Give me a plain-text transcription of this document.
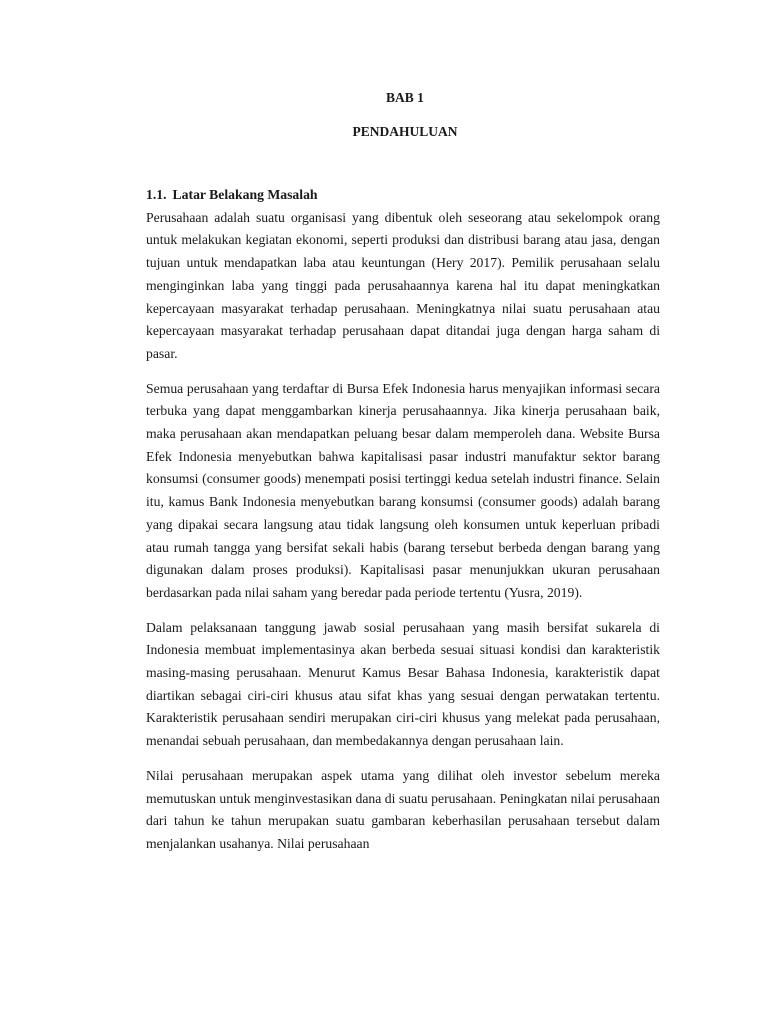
BAB 1
PENDAHULUAN

1.1. Latar Belakang Masalah

Perusahaan adalah suatu organisasi yang dibentuk oleh seseorang atau sekelompok orang untuk melakukan kegiatan ekonomi, seperti produksi dan distribusi barang atau jasa, dengan tujuan untuk mendapatkan laba atau keuntungan (Hery 2017). Pemilik perusahaan selalu menginginkan laba yang tinggi pada perusahaannya karena hal itu dapat meningkatkan kepercayaan masyarakat terhadap perusahaan. Meningkatnya nilai suatu perusahaan atau kepercayaan masyarakat terhadap perusahaan dapat ditandai juga dengan harga saham di pasar.

Semua perusahaan yang terdaftar di Bursa Efek Indonesia harus menyajikan informasi secara terbuka yang dapat menggambarkan kinerja perusahaannya. Jika kinerja perusahaan baik, maka perusahaan akan mendapatkan peluang besar dalam memperoleh dana. Website Bursa Efek Indonesia menyebutkan bahwa kapitalisasi pasar industri manufaktur sektor barang konsumsi (consumer goods) menempati posisi tertinggi kedua setelah industri finance. Selain itu, kamus Bank Indonesia menyebutkan barang konsumsi (consumer goods) adalah barang yang dipakai secara langsung atau tidak langsung oleh konsumen untuk keperluan pribadi atau rumah tangga yang bersifat sekali habis (barang tersebut berbeda dengan barang yang digunakan dalam proses produksi). Kapitalisasi pasar menunjukkan ukuran perusahaan berdasarkan pada nilai saham yang beredar pada periode tertentu (Yusra, 2019).

Dalam pelaksanaan tanggung jawab sosial perusahaan yang masih bersifat sukarela di Indonesia membuat implementasinya akan berbeda sesuai situasi kondisi dan karakteristik masing-masing perusahaan. Menurut Kamus Besar Bahasa Indonesia, karakteristik dapat diartikan sebagai ciri-ciri khusus atau sifat khas yang sesuai dengan perwatakan tertentu. Karakteristik perusahaan sendiri merupakan ciri-ciri khusus yang melekat pada perusahaan, menandai sebuah perusahaan, dan membedakannya dengan perusahaan lain.

Nilai perusahaan merupakan aspek utama yang dilihat oleh investor sebelum mereka memutuskan untuk menginvestasikan dana di suatu perusahaan. Peningkatan nilai perusahaan dari tahun ke tahun merupakan suatu gambaran keberhasilan perusahaan tersebut dalam menjalankan usahanya. Nilai perusahaan
